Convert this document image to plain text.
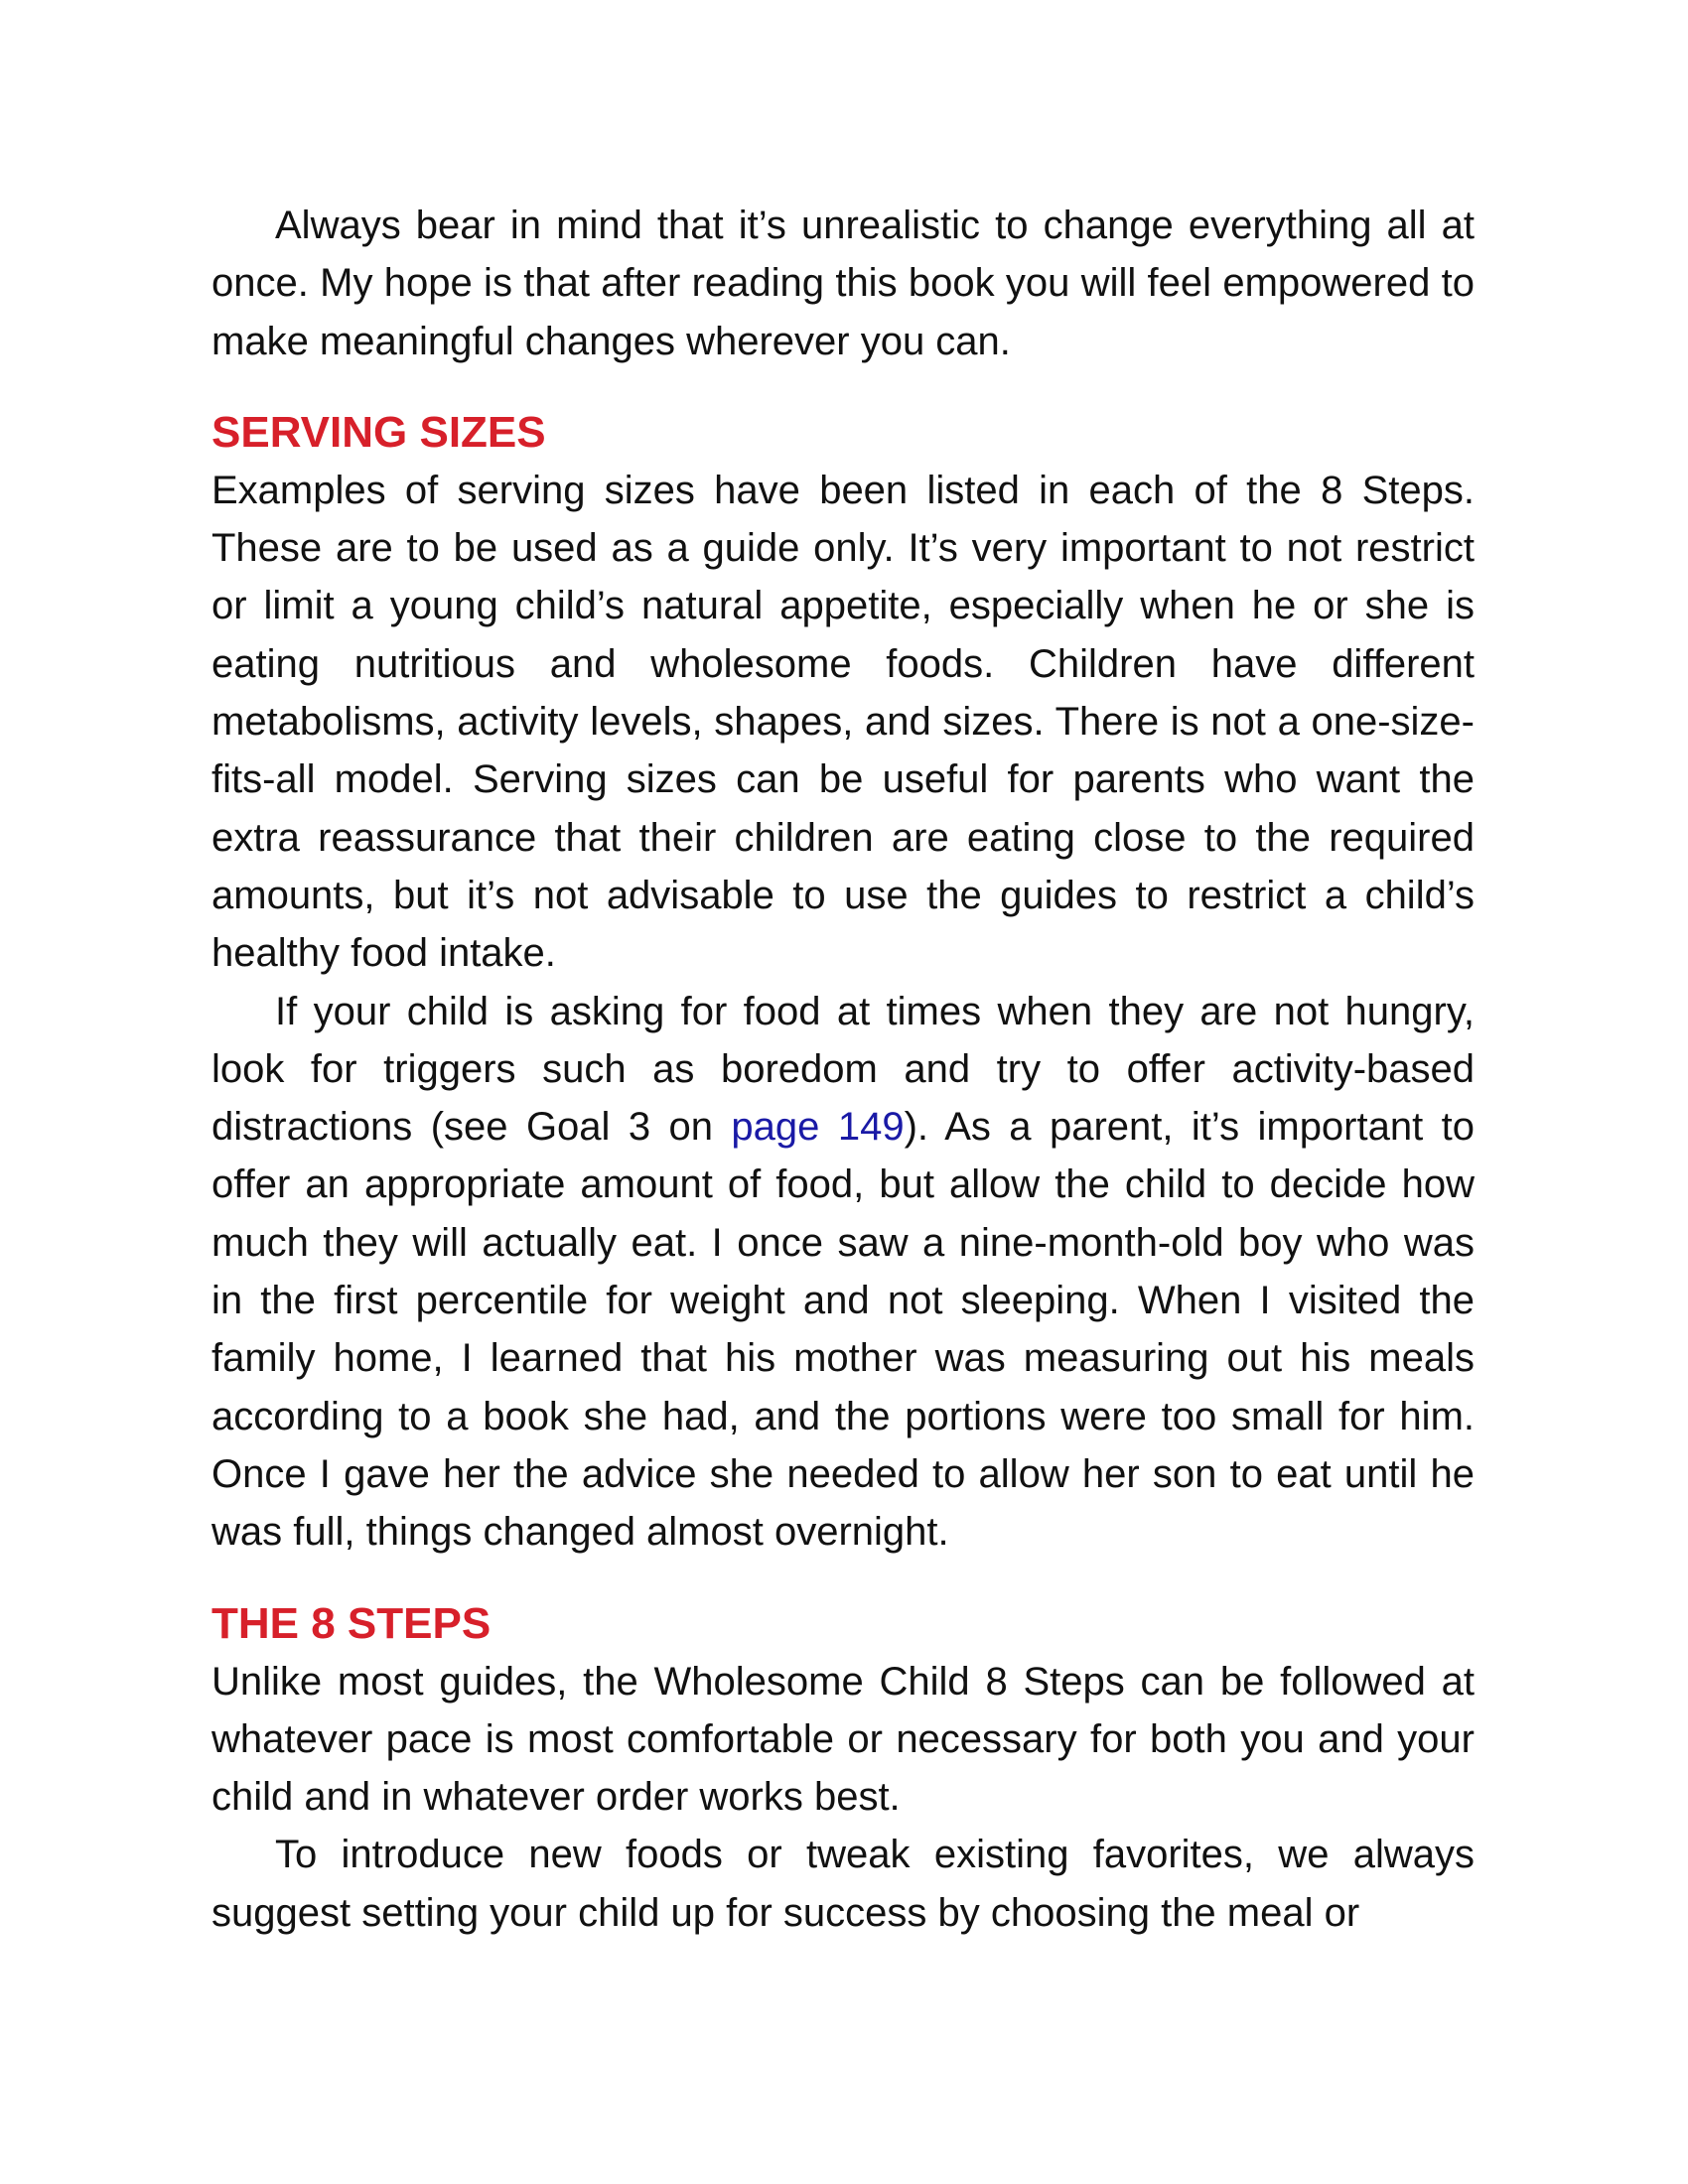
Always bear in mind that it’s unrealistic to change everything all at once. My hope is that after reading this book you will feel empowered to make meaningful changes wherever you can.

SERVING SIZES

Examples of serving sizes have been listed in each of the 8 Steps. These are to be used as a guide only. It’s very important to not restrict or limit a young child’s natural appetite, especially when he or she is eating nutritious and wholesome foods. Children have different metabolisms, activity levels, shapes, and sizes. There is not a one-size-fits-all model. Serving sizes can be useful for parents who want the extra reassurance that their children are eating close to the required amounts, but it’s not advisable to use the guides to restrict a child’s healthy food intake.

If your child is asking for food at times when they are not hungry, look for triggers such as boredom and try to offer activity-based distractions (see Goal 3 on page 149). As a parent, it’s important to offer an appropriate amount of food, but allow the child to decide how much they will actually eat. I once saw a nine-month-old boy who was in the first percentile for weight and not sleeping. When I visited the family home, I learned that his mother was measuring out his meals according to a book she had, and the portions were too small for him. Once I gave her the advice she needed to allow her son to eat until he was full, things changed almost overnight.

THE 8 STEPS

Unlike most guides, the Wholesome Child 8 Steps can be followed at whatever pace is most comfortable or necessary for both you and your child and in whatever order works best.

To introduce new foods or tweak existing favorites, we always suggest setting your child up for success by choosing the meal or
